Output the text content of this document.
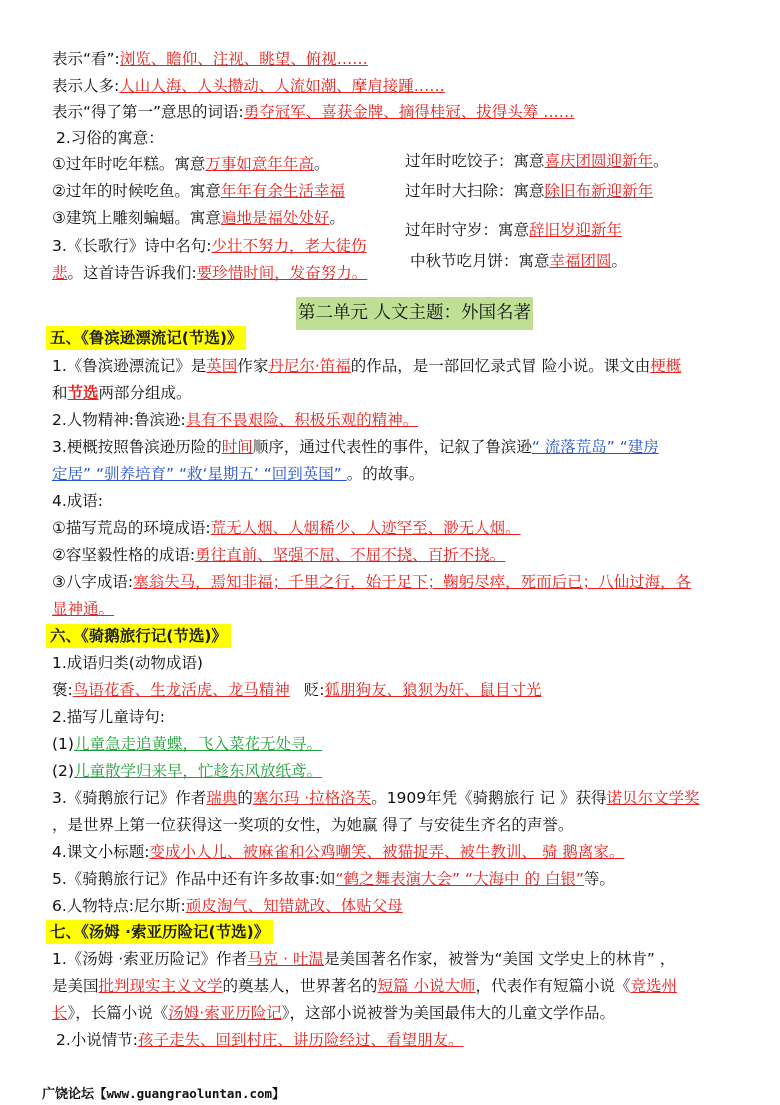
表示“看”:浏览、瞻仰、注视、眺望、俯视……
表示人多:人山人海、人头攒动、人流如潮、摩肩接踵……
表示“得了第一”意思的词语:勇夺冠军、喜获金牌、摘得桂冠、拔得头筹 ……
2.习俗的寓意：
①过年时吃年糕。寓意万事如意年年高。
②过年的时候吃鱼。寓意年年有余生活幸福
③建筑上雕刻蝙蝠。寓意遍地是福处处好。
过年时吃饺子：寓意喜庆团圆迎新年。
过年时大扫除：寓意除旧布新迎新年
过年时守岁：寓意辞旧岁迎新年
中秋节吃月饼：寓意幸福团圆。
3.《长歌行》诗中名句:少壮不努力，老大徒伤
悲。这首诗告诉我们:要珍惜时间，发奋努力。
第二单元 人文主题：外国名著
五、《鲁滨逊漂流记(节选)》
1.《鲁滨逊漂流记》是英国作家丹尼尔·笛福的作品，是一部回忆录式冒 险小说。课文由梗概
和节选两部分组成。
2.人物精神:鲁滨逊:具有不畏艰险、积极乐观的精神。
3.梗概按照鲁滨逊历险的时间顺序，通过代表性的事件，记叙了鲁滨逊“ 流落荒岛” “建房
定居” “驯养培育” “救‘星期五’ “回到英国” 。的故事。
4.成语:
①描写荒岛的环境成语:荒无人烟、人烟稀少、人迹罕至、渺无人烟。
②容坚毅性格的成语:勇往直前、坚强不屈、不屈不挠、百折不挠。
③八字成语:塞翁失马，焉知非福；千里之行，始于足下；鞠躬尽瘁，死而后已；八仙过海，各
显神通。
六、《骑鹅旅行记(节选)》
1.成语归类(动物成语)
褒:鸟语花香、生龙活虎、龙马精神 贬:狐朋狗友、狼狈为奸、鼠目寸光
2.描写儿童诗句:
(1)儿童急走追黄蝶，飞入菜花无处寻。
(2)儿童散学归来早，忙趁东风放纸鸢。
3.《骑鹅旅行记》作者瑞典的塞尔玛 ·拉格洛芙。1909年凭《骑鹅旅行 记 》获得诺贝尔文学奖
，是世界上第一位获得这一奖项的女性，为她赢 得了 与安徒生齐名的声誉。
4.课文小标题:变成小人儿、被麻雀和公鸡嘲笑、被猫捉弄、被牛教训、 骑 鹅离家。
5.《骑鹅旅行记》作品中还有许多故事:如“鹤之舞表演大会” “大海中 的 白银”等。
6.人物特点:尼尔斯:顽皮淘气、知错就改、体贴父母
七、《汤姆 ·索亚历险记(节选)》
1.《汤姆 ·索亚历险记》作者马克 · 吐温是美国著名作家，被誉为“美国 文学史上的林肯” ，
是美国批判现实主义文学的奠基人，世界著名的短篇 小说大师，代表作有短篇小说《竞选州
长》，长篇小说《汤姆·索亚历险记》，这部小说被誉为美国最伟大的儿童文学作品。
2.小说情节:孩子走失、回到村庄、讲历险经过、看望朋友。
广饶论坛【www.guangraoluntan.com】
